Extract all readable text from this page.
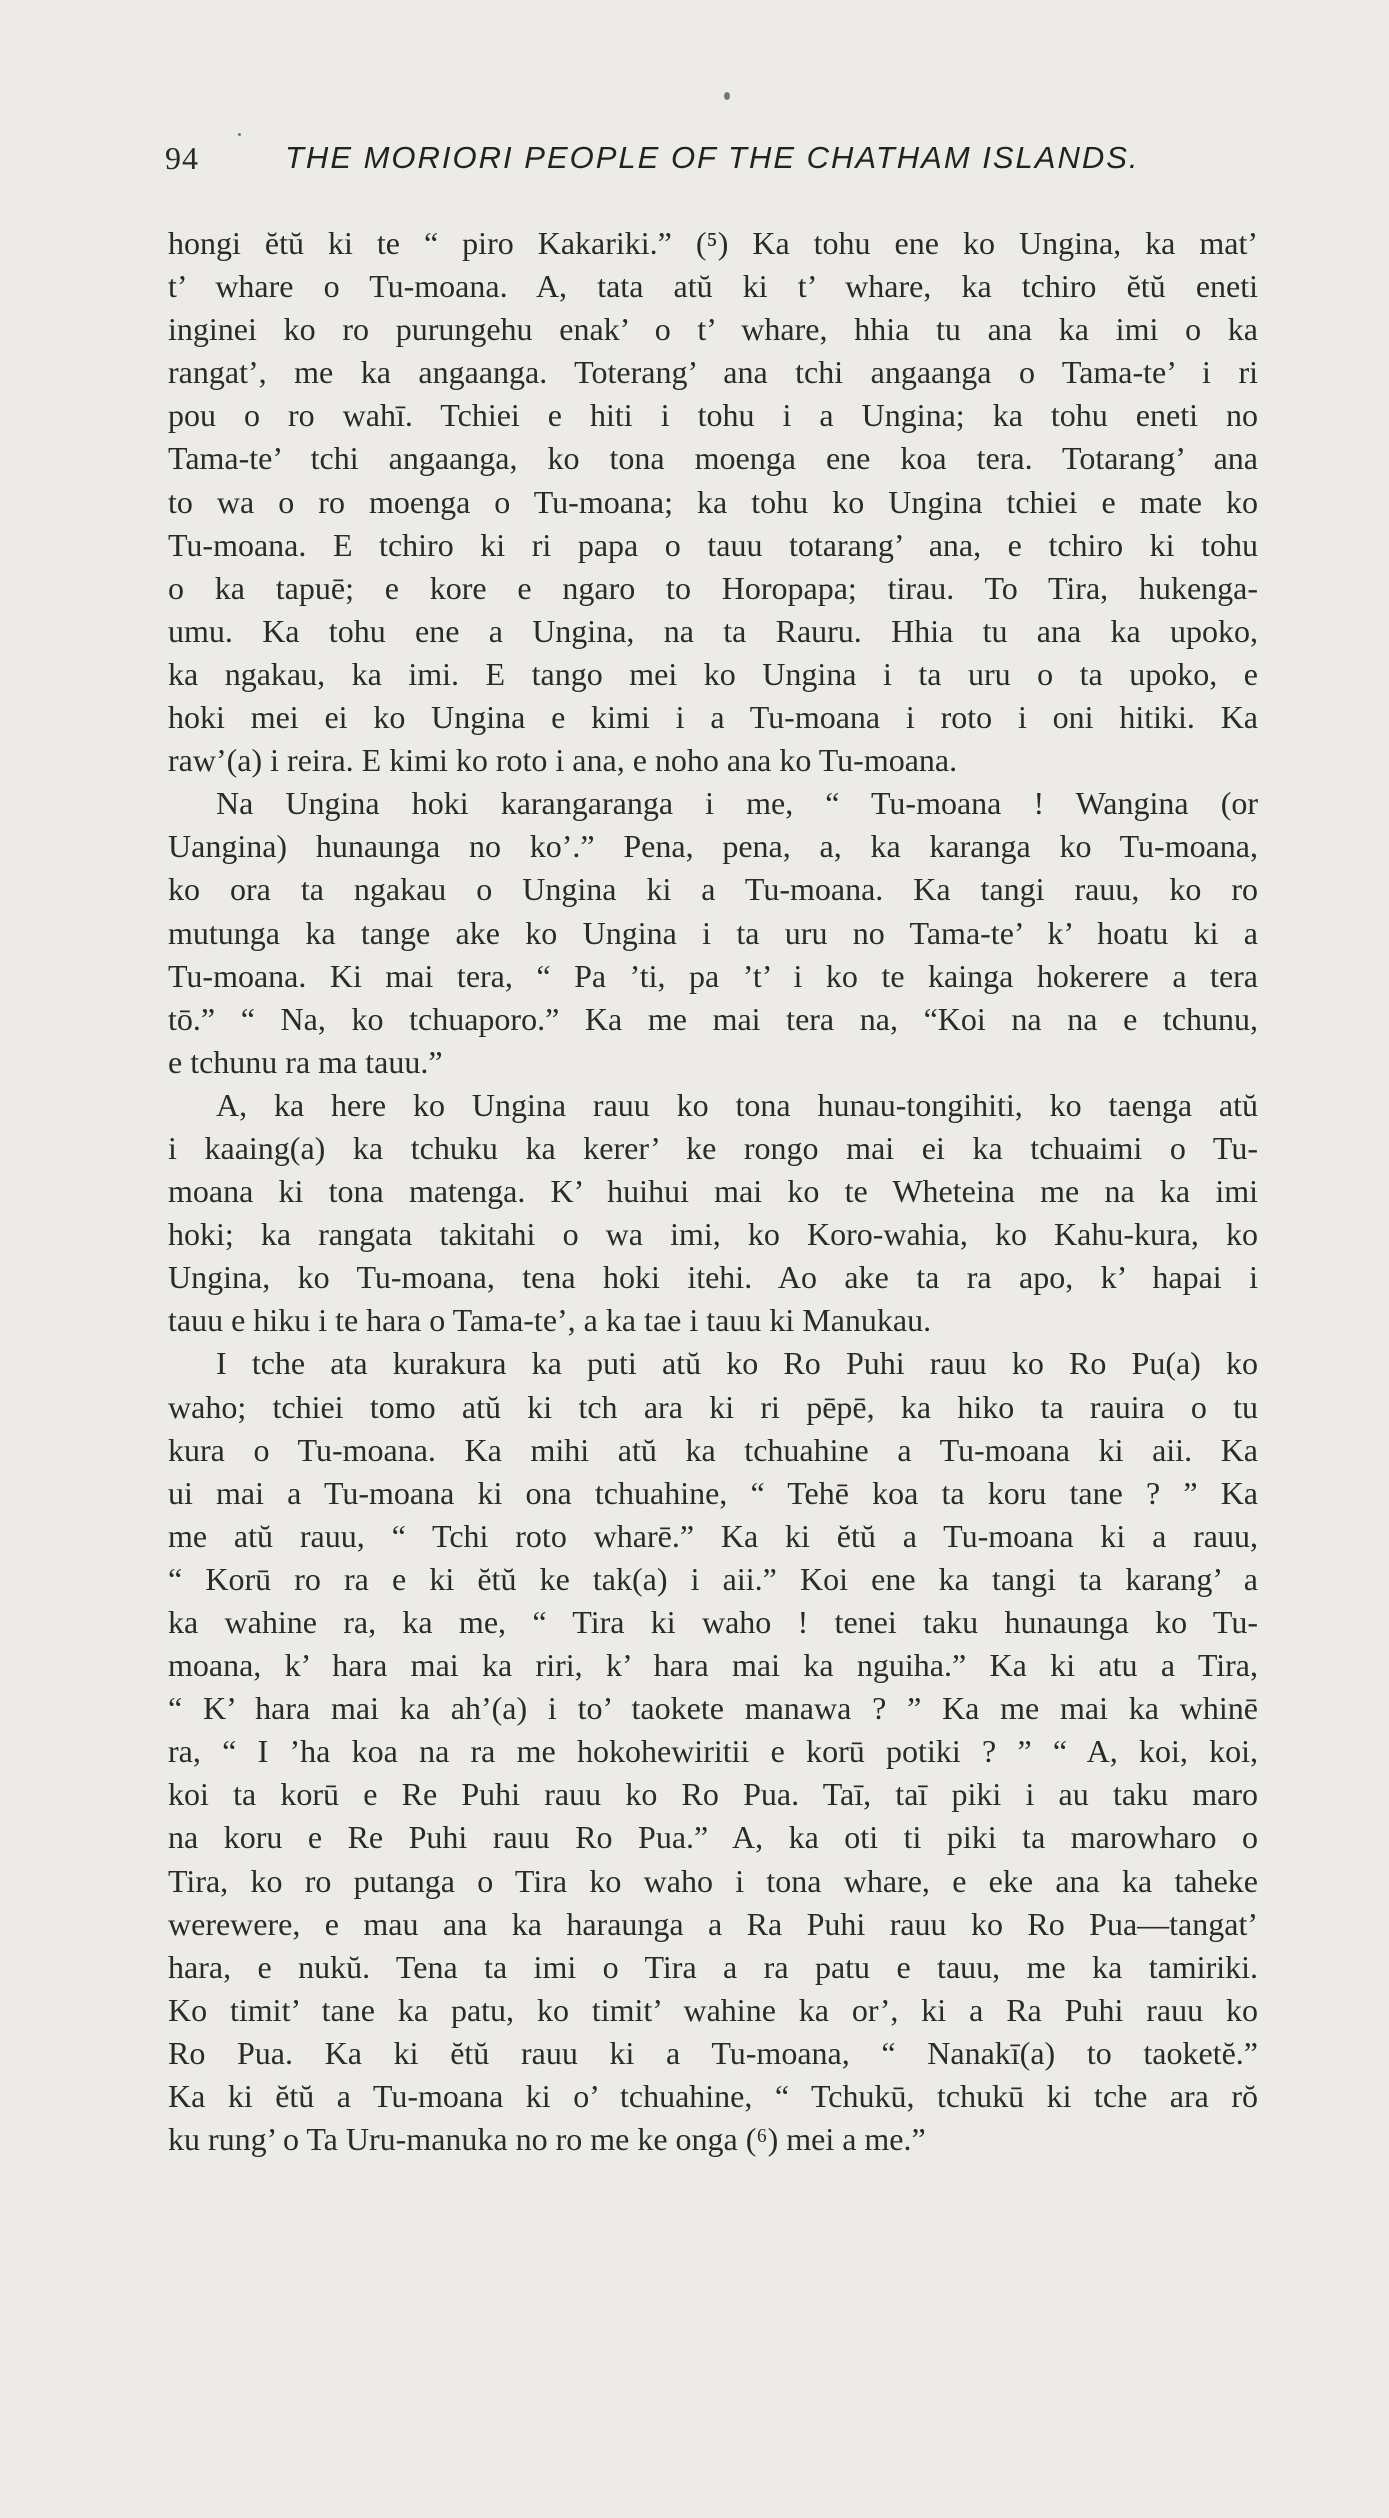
94	THE MORIORI PEOPLE OF THE CHATHAM ISLANDS.
hongi ĕtŭ ki te “ piro Kakariki.” (⁵) Ka tohu ene ko Ungina, ka mat’
t’ whare o Tu-moana. A, tata atŭ ki t’ whare, ka tchiro ĕtŭ eneti
inginei ko ro purungehu enak’ o t’ whare, hhia tu ana ka imi o ka
rangat’, me ka angaanga. Toterang’ ana tchi angaanga o Tama-te’ i ri
pou o ro wahī. Tchiei e hiti i tohu i a Ungina; ka tohu eneti no
Tama-te’ tchi angaanga, ko tona moenga ene koa tera. Totarang’ ana
to wa o ro moenga o Tu-moana; ka tohu ko Ungina tchiei e mate ko
Tu-moana. E tchiro ki ri papa o tauu totarang’ ana, e tchiro ki tohu
o ka tapuē; e kore e ngaro to Horopapa; tirau. To Tira, hukenga-
umu. Ka tohu ene a Ungina, na ta Rauru. Hhia tu ana ka upoko,
ka ngakau, ka imi. E tango mei ko Ungina i ta uru o ta upoko, e
hoki mei ei ko Ungina e kimi i a Tu-moana i roto i oni hitiki. Ka
raw’(a) i reira. E kimi ko roto i ana, e noho ana ko Tu-moana.
Na Ungina hoki karangaranga i me, “ Tu-moana ! Wangina (or
Uangina) hunaunga no ko’.” Pena, pena, a, ka karanga ko Tu-moana,
ko ora ta ngakau o Ungina ki a Tu-moana. Ka tangi rauu, ko ro
mutunga ka tange ake ko Ungina i ta uru no Tama-te’ k’ hoatu ki a
Tu-moana. Ki mai tera, “ Pa ’ti, pa ’t’ i ko te kainga hokerere a tera
tō.” “ Na, ko tchuaporo.” Ka me mai tera na, “Koi na na e tchunu,
e tchunu ra ma tauu.”
A, ka here ko Ungina rauu ko tona hunau-tongihiti, ko taenga atŭ
i kaaing(a) ka tchuku ka kerer’ ke rongo mai ei ka tchuaimi o Tu-
moana ki tona matenga. K’ huihui mai ko te Wheteina me na ka imi
hoki; ka rangata takitahi o wa imi, ko Koro-wahia, ko Kahu-kura, ko
Ungina, ko Tu-moana, tena hoki itehi. Ao ake ta ra apo, k’ hapai i
tauu e hiku i te hara o Tama-te’, a ka tae i tauu ki Manukau.
I tche ata kurakura ka puti atŭ ko Ro Puhi rauu ko Ro Pu(a) ko
waho; tchiei tomo atŭ ki tch ara ki ri pēpē, ka hiko ta rauira o tu
kura o Tu-moana. Ka mihi atŭ ka tchuahine a Tu-moana ki aii. Ka
ui mai a Tu-moana ki ona tchuahine, “ Tehē koa ta koru tane ? ” Ka
me atŭ rauu, “ Tchi roto wharē.” Ka ki ĕtŭ a Tu-moana ki a rauu,
“ Korū ro ra e ki ĕtŭ ke tak(a) i aii.” Koi ene ka tangi ta karang’ a
ka wahine ra, ka me, “ Tira ki waho ! tenei taku hunaunga ko Tu-
moana, k’ hara mai ka riri, k’ hara mai ka nguiha.” Ka ki atu a Tira,
“ K’ hara mai ka ah’(a) i to’ taokete manawa ? ” Ka me mai ka whinē
ra, “ I ’ha koa na ra me hokohewiritii e korū potiki ? ” “ A, koi, koi,
koi ta korū e Re Puhi rauu ko Ro Pua. Taī, taī piki i au taku maro
na koru e Re Puhi rauu Ro Pua.” A, ka oti ti piki ta marowharo o
Tira, ko ro putanga o Tira ko waho i tona whare, e eke ana ka taheke
werewere, e mau ana ka haraunga a Ra Puhi rauu ko Ro Pua—tangat’
hara, e nukŭ. Tena ta imi o Tira a ra patu e tauu, me ka tamiriki.
Ko timit’ tane ka patu, ko timit’ wahine ka or’, ki a Ra Puhi rauu ko
Ro Pua. Ka ki ĕtŭ rauu ki a Tu-moana, “ Nanakī(a) to taoketĕ.”
Ka ki ĕtŭ a Tu-moana ki o’ tchuahine, “ Tchukū, tchukū ki tche ara rŏ
ku rung’ o Ta Uru-manuka no ro me ke onga (⁶) mei a me.”
